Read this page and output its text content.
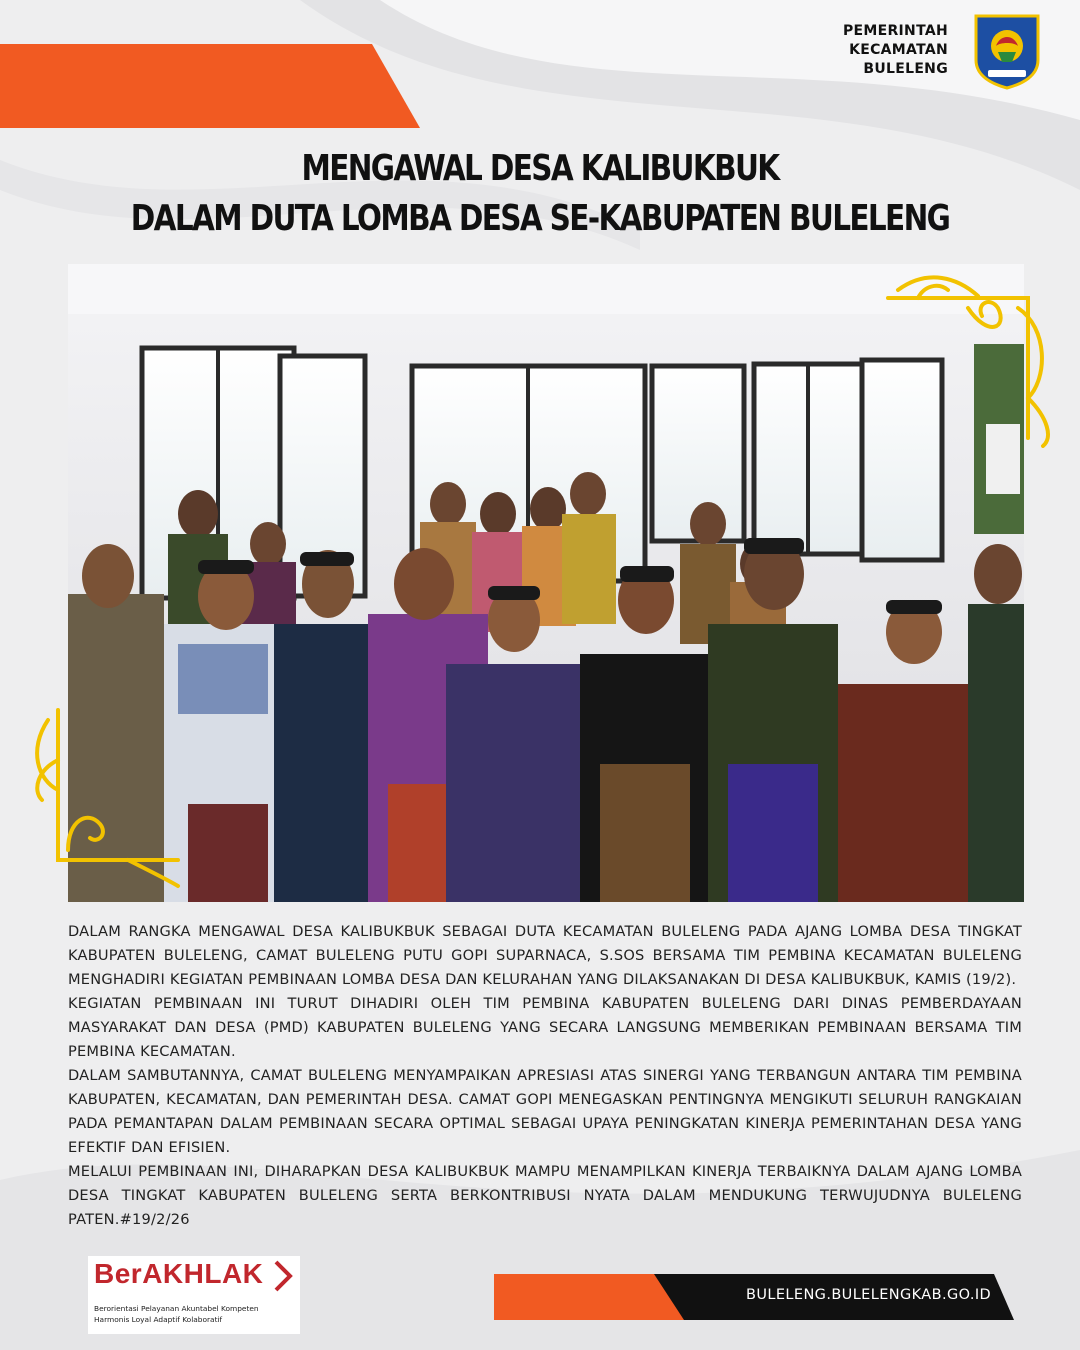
PEMERINTAH
KECAMATAN
BULELENG
MENGAWAL DESA KALIBUKBUK
DALAM DUTA LOMBA DESA SE-KABUPATEN BULELENG

DALAM RANGKA MENGAWAL DESA KALIBUKBUK SEBAGAI DUTA KECAMATAN BULELENG PADA AJANG LOMBA DESA TINGKAT KABUPATEN BULELENG, CAMAT BULELENG PUTU GOPI SUPARNACA, S.SOS BERSAMA TIM PEMBINA KECAMATAN BULELENG MENGHADIRI KEGIATAN PEMBINAAN LOMBA DESA DAN KELURAHAN YANG DILAKSANAKAN DI DESA KALIBUKBUK, KAMIS (19/2).

KEGIATAN PEMBINAAN INI TURUT DIHADIRI OLEH TIM PEMBINA KABUPATEN BULELENG DARI DINAS PEMBERDAYAAN MASYARAKAT DAN DESA (PMD) KABUPATEN BULELENG YANG SECARA LANGSUNG MEMBERIKAN PEMBINAAN BERSAMA TIM PEMBINA KECAMATAN.

DALAM SAMBUTANNYA, CAMAT BULELENG MENYAMPAIKAN APRESIASI ATAS SINERGI YANG TERBANGUN ANTARA TIM PEMBINA KABUPATEN, KECAMATAN, DAN PEMERINTAH DESA. CAMAT GOPI MENEGASKAN PENTINGNYA MENGIKUTI SELURUH RANGKAIAN PADA PEMANTAPAN DALAM PEMBINAAN SECARA OPTIMAL SEBAGAI UPAYA PENINGKATAN KINERJA PEMERINTAHAN DESA YANG EFEKTIF DAN EFISIEN.

MELALUI PEMBINAAN INI, DIHARAPKAN DESA KALIBUKBUK MAMPU MENAMPILKAN KINERJA TERBAIKNYA DALAM AJANG LOMBA DESA TINGKAT KABUPATEN BULELENG SERTA BERKONTRIBUSI NYATA DALAM MENDUKUNG TERWUJUDNYA BULELENG PATEN.#19/2/26

BerAKHLAK
Berorientasi Pelayanan Akuntabel Kompeten
Harmonis Loyal Adaptif Kolaboratif
BULELENG.BULELENGKAB.GO.ID
